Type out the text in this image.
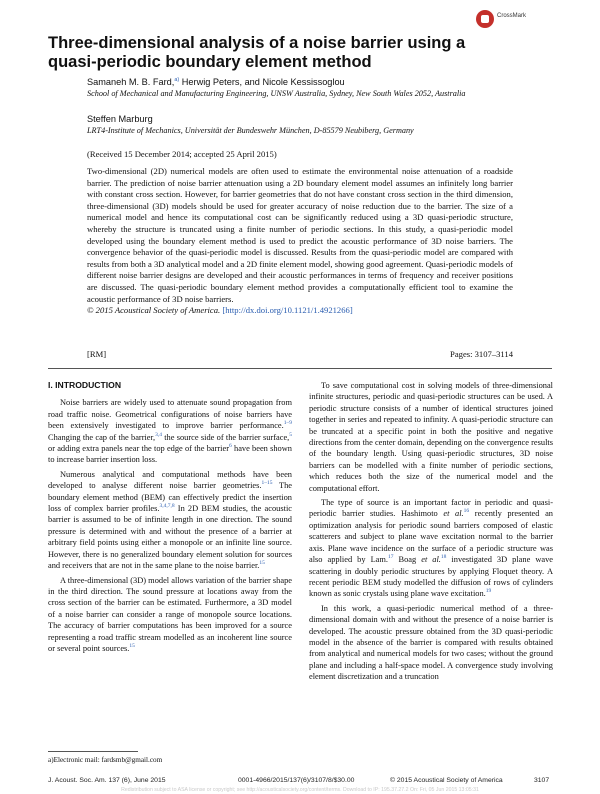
CrossMark
Three-dimensional analysis of a noise barrier using a quasi-periodic boundary element method
Samaneh M. B. Fard,$^{a)}$ Herwig Peters, and Nicole Kessissoglou
School of Mechanical and Manufacturing Engineering, UNSW Australia, Sydney, New South Wales 2052, Australia
Steffen Marburg
LRT4-Institute of Mechanics, Universität der Bundeswehr München, D-85579 Neubiberg, Germany
(Received 15 December 2014; accepted 25 April 2015)
Two-dimensional (2D) numerical models are often used to estimate the environmental noise attenuation of a roadside barrier. The prediction of noise barrier attenuation using a 2D boundary element model assumes an infinitely long barrier with constant cross section. However, for barrier geometries that do not have constant cross section in the third dimension, three-dimensional (3D) models should be used for greater accuracy of noise reduction due to the barrier. The size of a numerical model and hence its computational cost can be significantly reduced using a 3D quasi-periodic structure, whereby the structure is truncated using a finite number of periodic sections. In this study, a quasi-periodic model developed using the boundary element method is used to predict the acoustic performance of 3D noise barriers. The convergence behavior of the quasi-periodic model is discussed. Results from the quasi-periodic model are compared with results from both a 3D analytical model and a 2D finite element model, showing good agreement. Quasi-periodic models of different noise barrier designs are developed and their acoustic performances in terms of frequency and receiver positions are discussed. The quasi-periodic boundary element method provides a computationally efficient tool to examine the acoustic performance of 3D noise barriers.
© 2015 Acoustical Society of America. [http://dx.doi.org/10.1121/1.4921266]
[RM]	Pages: 3107–3114
I. INTRODUCTION

Noise barriers are widely used to attenuate sound propagation from road traffic noise. Geometrical configurations of noise barriers have been extensively investigated to improve barrier performance.$^{1-9}$ Changing the cap of the barrier,$^{3,4}$ the source side of the barrier surface,$^5$ or adding extra panels near the top edge of the barrier$^6$ have been shown to increase barrier insertion loss.

Numerous analytical and computational methods have been developed to analyse different noise barrier geometries.$^{1-15}$ The boundary element method (BEM) can effectively predict the insertion loss of complex barrier profiles.$^{3,4,7,8}$ In 2D BEM studies, the acoustic barrier is assumed to be of infinite length in one direction. The sound pressure is determined with and without the presence of a barrier at arbitrary field points using either a monopole or an infinite line source. However, there is no generalized boundary element solution for sources and receivers that are not in the same plane to the noise barrier.$^{15}$

A three-dimensional (3D) model allows variation of the barrier shape in the third direction. The sound pressure at locations away from the cross section of the barrier can be estimated. Furthermore, a 3D model of a noise barrier can consider a range of monopole source locations. The accuracy of barrier computations has been improved for a source representing a road traffic stream modelled as an incoherent line source or several point sources.$^{15}$

To save computational cost in solving models of three-dimensional infinite structures, periodic and quasi-periodic structures can be used. A periodic structure consists of a number of identical structures joined together in series and repeated to infinity. A quasi-periodic structure can be truncated at a specific point in both the positive and negative directions from the center domain, depending on the convergence results of the boundary length. Using quasi-periodic structures, 3D noise barriers can be modelled with a finite number of periodic sections, which reduces both the size of the numerical model and the computational effort.

The type of source is an important factor in periodic and quasi-periodic barrier studies. Hashimoto et al.$^{16}$ recently presented an optimization analysis for periodic sound barriers composed of elastic scatterers and subject to plane wave excitation normal to the barrier axis. Plane wave incidence on the surface of a periodic structure was also applied by Lam.$^{17}$ Boag et al.$^{18}$ investigated 3D plane wave scattering in doubly periodic structures by applying Floquet theory. A recent periodic BEM study modelled the diffusion of rows of cylinders known as sonic crystals using plane wave excitation.$^{19}$

In this work, a quasi-periodic numerical method of a three-dimensional domain with and without the presence of a noise barrier is developed. The acoustic pressure obtained from the 3D quasi-periodic model in the absence of the barrier is compared with results obtained from analytical and numerical models for two cases; without the ground plane and including a half-space model. A convergence study involving element discretization and a truncation

a)Electronic mail: fardsmb@gmail.com
J. Acoust. Soc. Am. 137 (6), June 2015	0001-4966/2015/137(6)/3107/8/$30.00	© 2015 Acoustical Society of America	3107
Redistribution subject to ASA license or copyright; see http://acousticalsociety.org/content/terms. Download to IP: 195.37.27.2 On: Fri, 05 Jun 2015 13:05:31
